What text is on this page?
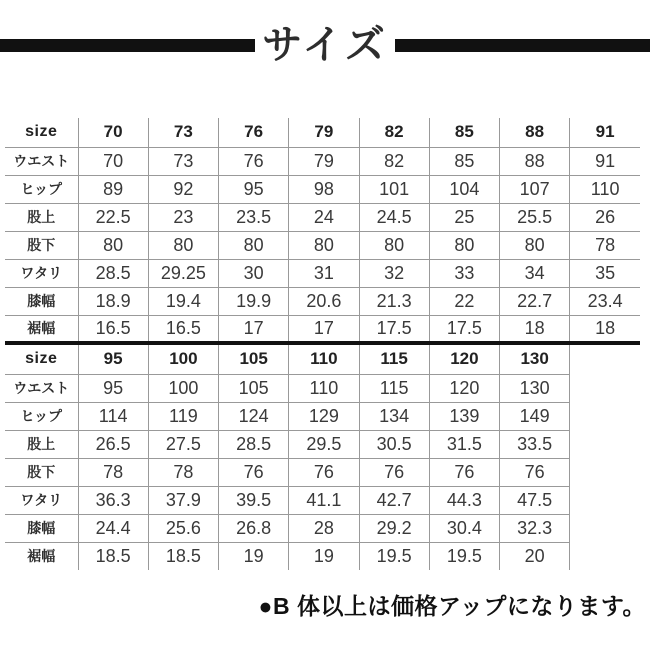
サイズ
size	70	73	76	79	82	85	88	91
ウエスト	70	73	76	79	82	85	88	91
ヒップ	89	92	95	98	101	104	107	110
股上	22.5	23	23.5	24	24.5	25	25.5	26
股下	80	80	80	80	80	80	80	78
ワタリ	28.5	29.25	30	31	32	33	34	35
膝幅	18.9	19.4	19.9	20.6	21.3	22	22.7	23.4
裾幅	16.5	16.5	17	17	17.5	17.5	18	18
size	95	100	105	110	115	120	130	
ウエスト	95	100	105	110	115	120	130	
ヒップ	114	119	124	129	134	139	149	
股上	26.5	27.5	28.5	29.5	30.5	31.5	33.5	
股下	78	78	76	76	76	76	76	
ワタリ	36.3	37.9	39.5	41.1	42.7	44.3	47.5	
膝幅	24.4	25.6	26.8	28	29.2	30.4	32.3	
裾幅	18.5	18.5	19	19	19.5	19.5	20	

●B 体以上は価格アップになります。
